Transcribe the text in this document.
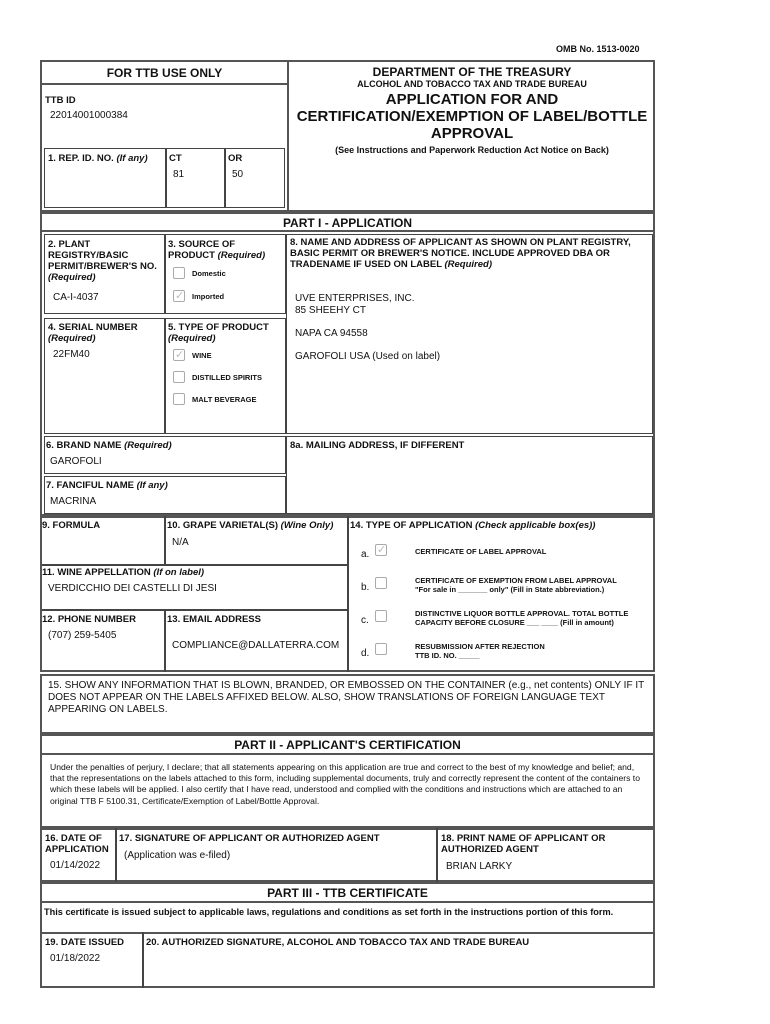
OMB No. 1513-0020
FOR TTB USE ONLY
TTB ID
22014001000384
1. REP. ID. NO. (If any) CT
81
OR
50
DEPARTMENT OF THE TREASURY
ALCOHOL AND TOBACCO TAX AND TRADE BUREAU
APPLICATION FOR AND
CERTIFICATION/EXEMPTION OF LABEL/BOTTLE
APPROVAL
(See Instructions and Paperwork Reduction Act Notice on Back)
PART I - APPLICATION
2. PLANT REGISTRY/BASIC PERMIT/BREWER'S NO. (Required)
CA-I-4037
3. SOURCE OF PRODUCT (Required)
Domestic
✓
Imported
4. SERIAL NUMBER
(Required)
22FM40
5. TYPE OF PRODUCT
(Required)
✓
WINE
DISTILLED SPIRITS
MALT BEVERAGE
8. NAME AND ADDRESS OF APPLICANT AS SHOWN ON PLANT REGISTRY, BASIC PERMIT OR BREWER'S NOTICE. INCLUDE APPROVED DBA OR TRADENAME IF USED ON LABEL (Required)
UVE ENTERPRISES, INC.
85 SHEEHY CT
NAPA CA 94558
GAROFOLI USA (Used on label)
6. BRAND NAME (Required)
GAROFOLI
8a. MAILING ADDRESS, IF DIFFERENT
7. FANCIFUL NAME (If any)
MACRINA
9. FORMULA	10. GRAPE VARIETAL(S) (Wine Only)
N/A
14. TYPE OF APPLICATION (Check applicable box(es))
a.
✓	CERTIFICATE OF LABEL APPROVAL
b.
CERTIFICATE OF EXEMPTION FROM LABEL APPROVAL
"For sale in _______ only" (Fill in State abbreviation.)
c.
DISTINCTIVE LIQUOR BOTTLE APPROVAL. TOTAL BOTTLE
CAPACITY BEFORE CLOSURE ___ ____ (Fill in amount)
d.
RESUBMISSION AFTER REJECTION
TTB ID. NO. _____
11. WINE APPELLATION (If on label)
VERDICCHIO DEI CASTELLI DI JESI
12. PHONE NUMBER
(707) 259-5405
13. EMAIL ADDRESS
COMPLIANCE@DALLATERRA.COM
15. SHOW ANY INFORMATION THAT IS BLOWN, BRANDED, OR EMBOSSED ON THE CONTAINER (e.g., net contents) ONLY IF IT DOES NOT APPEAR ON THE LABELS AFFIXED BELOW. ALSO, SHOW TRANSLATIONS OF FOREIGN LANGUAGE TEXT APPEARING ON LABELS.
PART II - APPLICANT'S CERTIFICATION
Under the penalties of perjury, I declare; that all statements appearing on this application are true and correct to the best of my knowledge and belief; and, that the representations on the labels attached to this form, including supplemental documents, truly and correctly represent the content of the containers to which these labels will be applied. I also certify that I have read, understood and complied with the conditions and instructions which are attached to an original TTB F 5100.31, Certificate/Exemption of Label/Bottle Approval.
16. DATE OF APPLICATION
01/14/2022
17. SIGNATURE OF APPLICANT OR AUTHORIZED AGENT
(Application was e-filed)
18. PRINT NAME OF APPLICANT OR AUTHORIZED AGENT
BRIAN LARKY
PART III - TTB CERTIFICATE
This certificate is issued subject to applicable laws, regulations and conditions as set forth in the instructions portion of this form.
19. DATE ISSUED
01/18/2022
20. AUTHORIZED SIGNATURE, ALCOHOL AND TOBACCO TAX AND TRADE BUREAU
